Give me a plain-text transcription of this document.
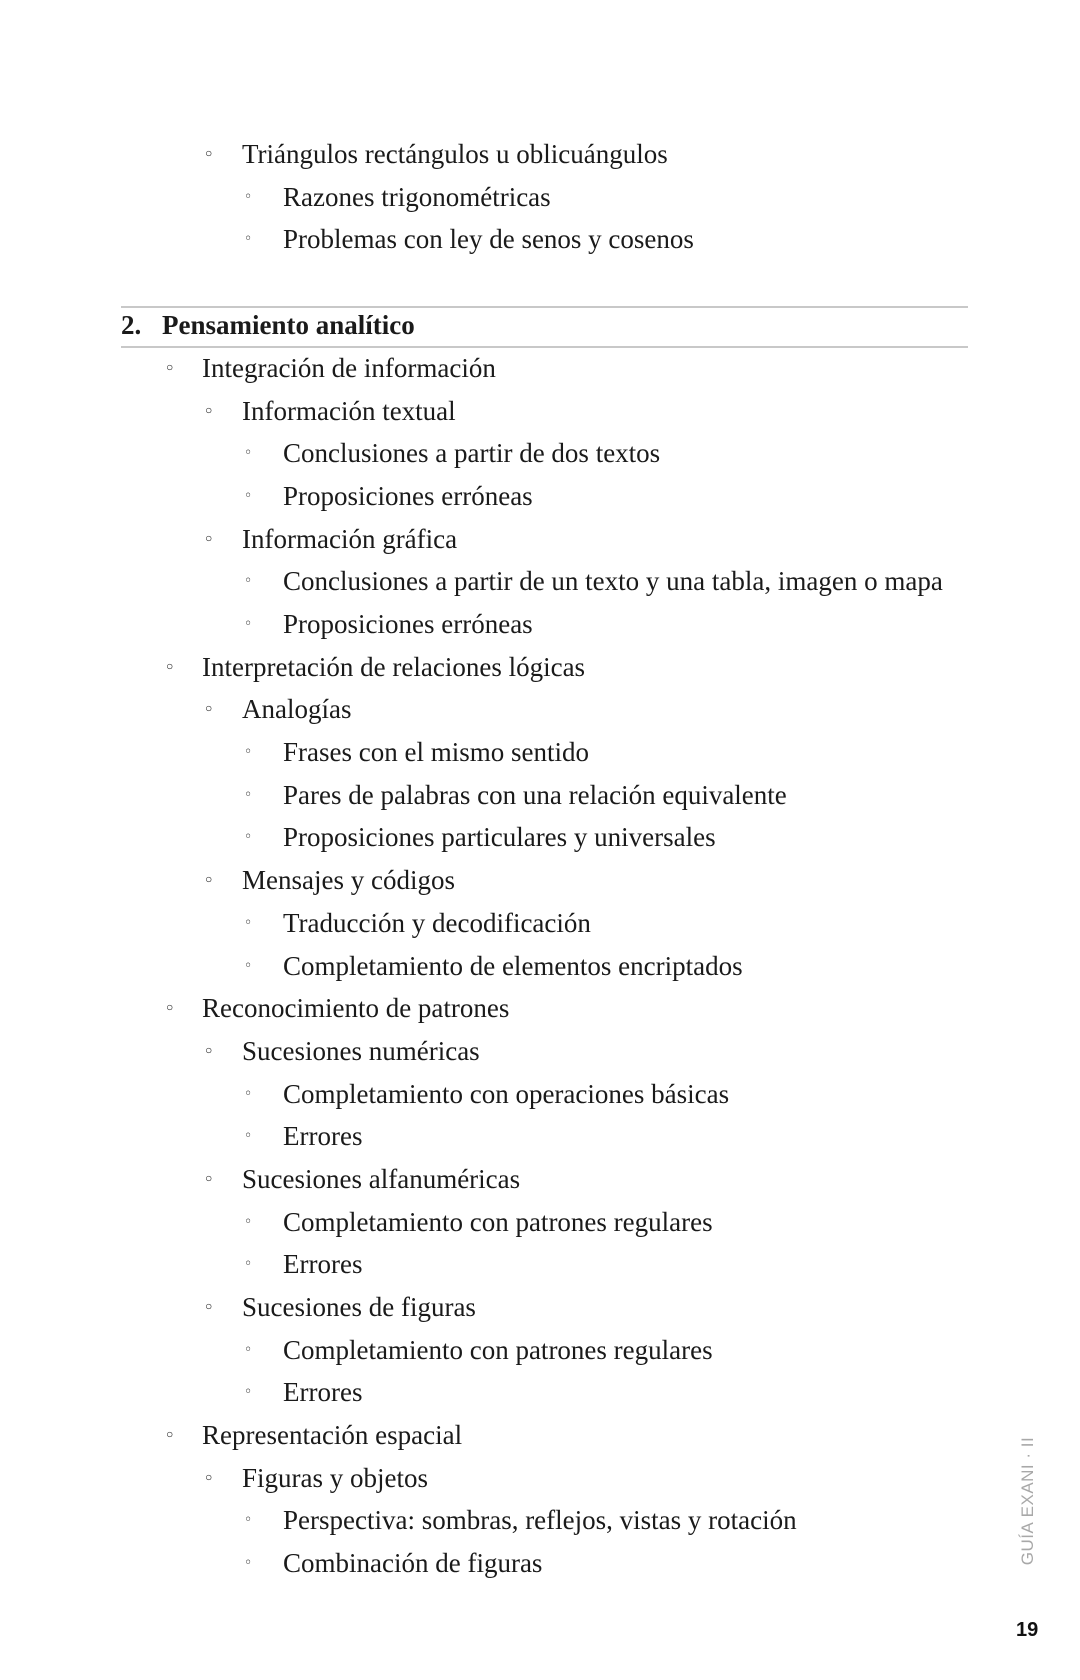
◦ Triángulos rectángulos u oblicuángulos
◦ Razones trigonométricas
◦ Problemas con ley de senos y cosenos
2. Pensamiento analítico
◦ Integración de información
◦ Información textual
◦ Conclusiones a partir de dos textos
◦ Proposiciones erróneas
◦ Información gráfica
◦ Conclusiones a partir de un texto y una tabla, imagen o mapa
◦ Proposiciones erróneas
◦ Interpretación de relaciones lógicas
◦ Analogías
◦ Frases con el mismo sentido
◦ Pares de palabras con una relación equivalente
◦ Proposiciones particulares y universales
◦ Mensajes y códigos
◦ Traducción y decodificación
◦ Completamiento de elementos encriptados
◦ Reconocimiento de patrones
◦ Sucesiones numéricas
◦ Completamiento con operaciones básicas
◦ Errores
◦ Sucesiones alfanuméricas
◦ Completamiento con patrones regulares
◦ Errores
◦ Sucesiones de figuras
◦ Completamiento con patrones regulares
◦ Errores
◦ Representación espacial
◦ Figuras y objetos
◦ Perspectiva: sombras, reflejos, vistas y rotación
◦ Combinación de figuras	GUÍA EXANI · II
19
